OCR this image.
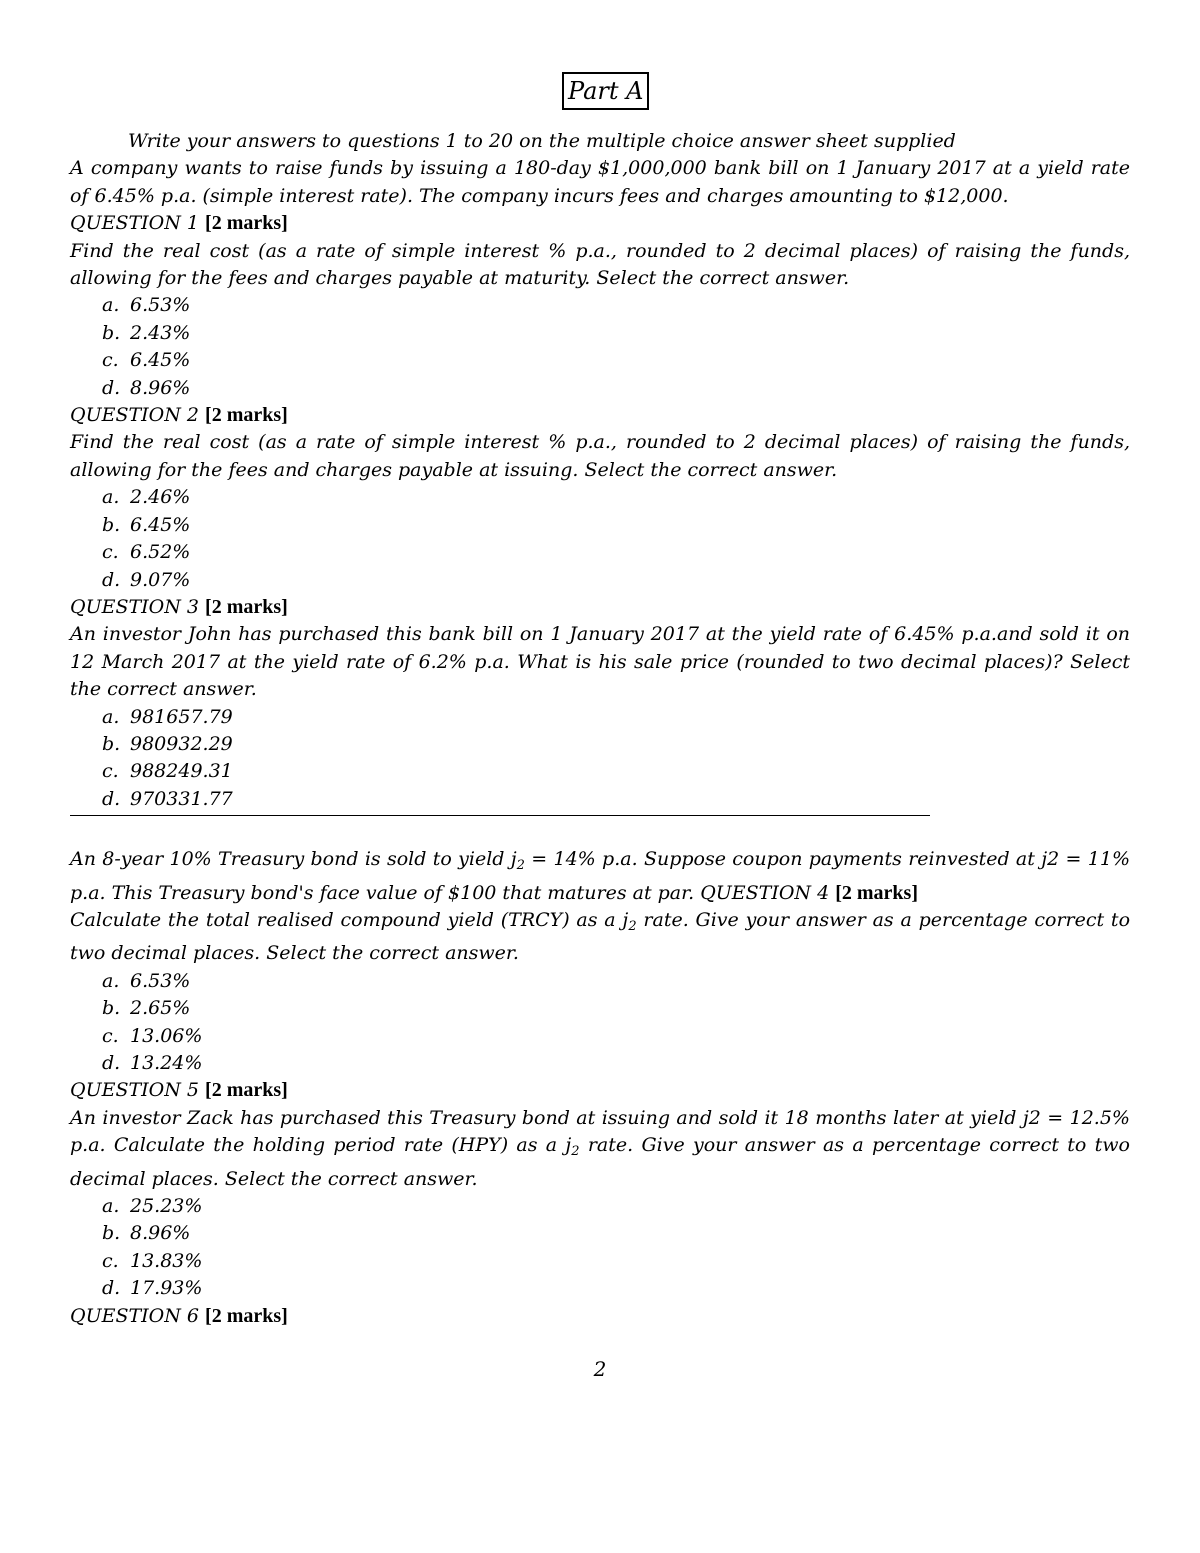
Part A

Write your answers to questions 1 to 20 on the multiple choice answer sheet supplied

A company wants to raise funds by issuing a 180-day $1,000,000 bank bill on 1 January 2017 at a yield rate of 6.45% p.a. (simple interest rate). The company incurs fees and charges amounting to $12,000.

QUESTION 1 [2 marks]

Find the real cost (as a rate of simple interest % p.a., rounded to 2 decimal places) of raising the funds, allowing for the fees and charges payable at maturity. Select the correct answer.

a. 6.53%
b. 2.43%
c. 6.45%
d. 8.96%
QUESTION 2 [2 marks]

Find the real cost (as a rate of simple interest % p.a., rounded to 2 decimal places) of raising the funds, allowing for the fees and charges payable at issuing. Select the correct answer.

a. 2.46%
b. 6.45%
c. 6.52%
d. 9.07%
QUESTION 3 [2 marks]

An investor John has purchased this bank bill on 1 January 2017 at the yield rate of 6.45% p.a.and sold it on 12 March 2017 at the yield rate of 6.2% p.a. What is his sale price (rounded to two decimal places)? Select the correct answer.

a. 981657.79
b. 980932.29
c. 988249.31
d. 970331.77

An 8-year 10% Treasury bond is sold to yield $j_2 = 14\%$ p.a. Suppose coupon payments reinvested at j2 = 11% p.a. This Treasury bond's face value of $100 that matures at par. QUESTION 4 [2 marks]

Calculate the total realised compound yield (TRCY) as a $j_2$ rate. Give your answer as a percentage correct to two decimal places. Select the correct answer.

a. 6.53%
b. 2.65%
c. 13.06%
d. 13.24%
QUESTION 5 [2 marks]

An investor Zack has purchased this Treasury bond at issuing and sold it 18 months later at yield j2 = 12.5% p.a. Calculate the holding period rate (HPY) as a $j_2$ rate. Give your answer as a percentage correct to two decimal places. Select the correct answer.

a. 25.23%
b. 8.96%
c. 13.83%
d. 17.93%
QUESTION 6 [2 marks]
2
